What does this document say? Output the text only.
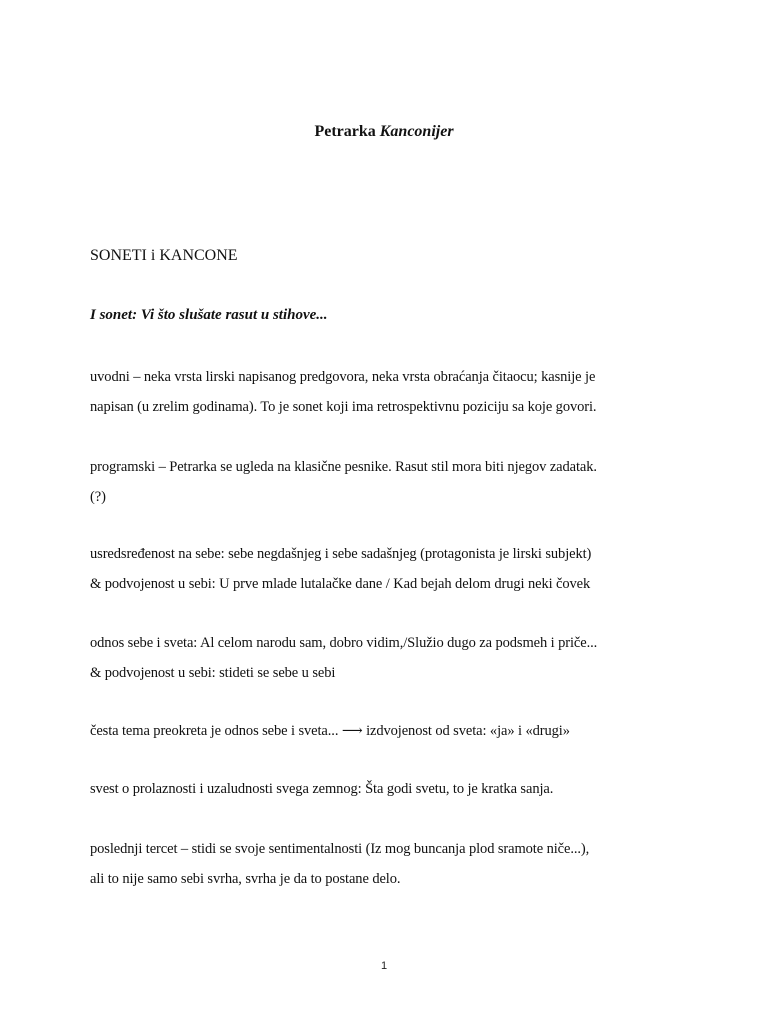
Petrarka Kanconijer
SONETI i KANCONE
I sonet: Vi što slušate rasut u stihove...

uvodni – neka vrsta lirski napisanog predgovora, neka vrsta obraćanja čitaocu; kasnije je
napisan (u zrelim godinama). To je sonet koji ima retrospektivnu poziciju sa koje govori.

programski – Petrarka se ugleda na klasične pesnike. Rasut stil mora biti njegov zadatak.
(?)

usredsređenost na sebe: sebe negdašnjeg i sebe sadašnjeg (protagonista je lirski subjekt)
& podvojenost u sebi: U prve mlade lutalačke dane / Kad bejah delom drugi neki čovek

odnos sebe i sveta: Al celom narodu sam, dobro vidim,/Služio dugo za podsmeh i priče...
& podvojenost u sebi: stideti se sebe u sebi

česta tema preokreta je odnos sebe i sveta... ⟶ izdvojenost od sveta: «ja» i «drugi»

svest o prolaznosti i uzaludnosti svega zemnog: Šta godi svetu, to je kratka sanja.

poslednji tercet – stidi se svoje sentimentalnosti (Iz mog buncanja plod sramote niče...),
ali to nije samo sebi svrha, svrha je da to postane delo.

1
